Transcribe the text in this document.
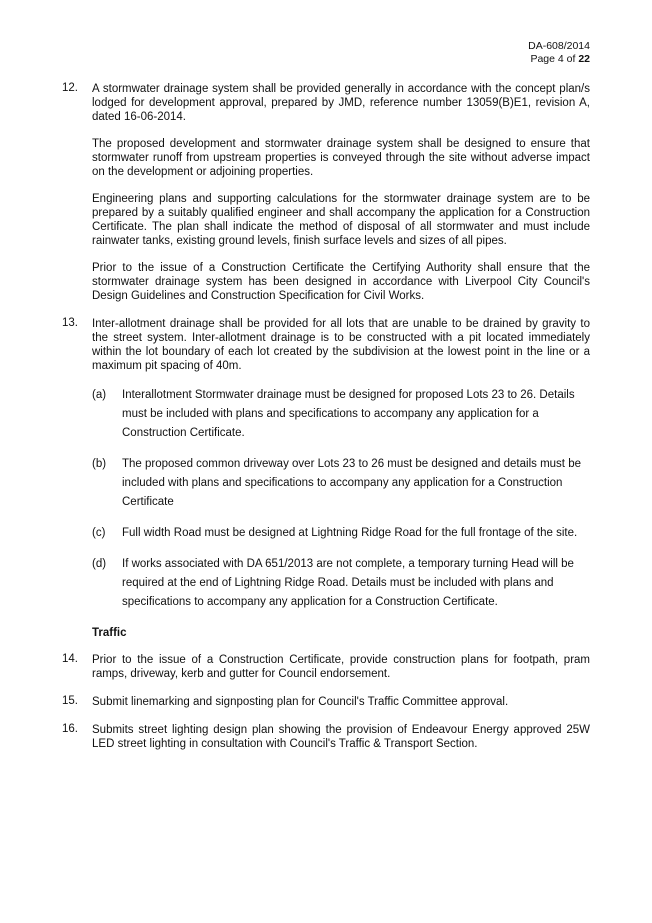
DA-608/2014
Page 4 of 22
12. A stormwater drainage system shall be provided generally in accordance with the concept plan/s lodged for development approval, prepared by JMD, reference number 13059(B)E1, revision A, dated 16-06-2014.

The proposed development and stormwater drainage system shall be designed to ensure that stormwater runoff from upstream properties is conveyed through the site without adverse impact on the development or adjoining properties.

Engineering plans and supporting calculations for the stormwater drainage system are to be prepared by a suitably qualified engineer and shall accompany the application for a Construction Certificate. The plan shall indicate the method of disposal of all stormwater and must include rainwater tanks, existing ground levels, finish surface levels and sizes of all pipes.

Prior to the issue of a Construction Certificate the Certifying Authority shall ensure that the stormwater drainage system has been designed in accordance with Liverpool City Council's Design Guidelines and Construction Specification for Civil Works.

13. Inter-allotment drainage shall be provided for all lots that are unable to be drained by gravity to the street system. Inter-allotment drainage is to be constructed with a pit located immediately within the lot boundary of each lot created by the subdivision at the lowest point in the line or a maximum pit spacing of 40m.

(a) Interallotment Stormwater drainage must be designed for proposed Lots 23 to 26. Details must be included with plans and specifications to accompany any application for a Construction Certificate.
(b) The proposed common driveway over Lots 23 to 26 must be designed and details must be included with plans and specifications to accompany any application for a Construction Certificate
(c) Full width Road must be designed at Lightning Ridge Road for the full frontage of the site.
(d) If works associated with DA 651/2013 are not complete, a temporary turning Head will be required at the end of Lightning Ridge Road. Details must be included with plans and specifications to accompany any application for a Construction Certificate.
Traffic
14. Prior to the issue of a Construction Certificate, provide construction plans for footpath, pram ramps, driveway, kerb and gutter for Council endorsement.

15. Submit linemarking and signposting plan for Council's Traffic Committee approval.

16. Submits street lighting design plan showing the provision of Endeavour Energy approved 25W LED street lighting in consultation with Council's Traffic & Transport Section.
